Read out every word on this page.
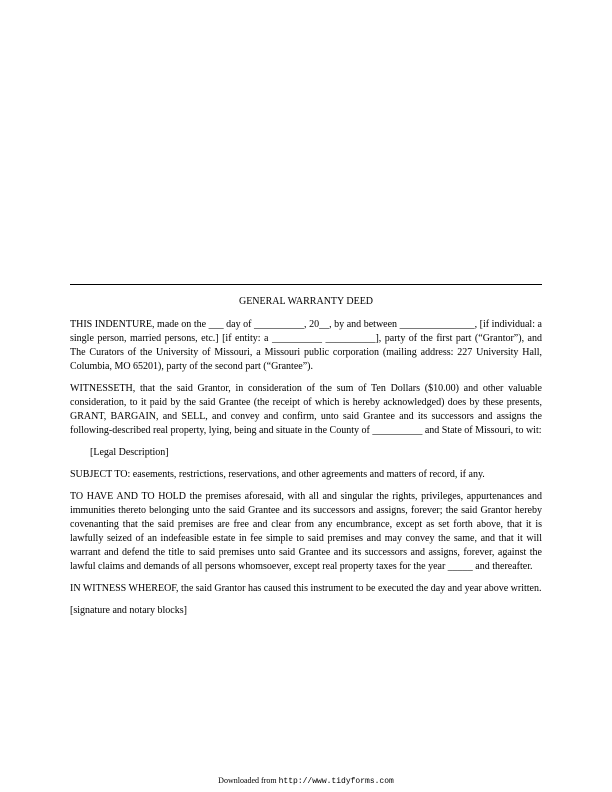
GENERAL WARRANTY DEED

THIS INDENTURE, made on the ___ day of __________, 20__, by and between _______________, [if individual: a single person, married persons, etc.] [if entity: a __________ __________], party of the first part (“Grantor”), and The Curators of the University of Missouri, a Missouri public corporation (mailing address: 227 University Hall, Columbia, MO 65201), party of the second part (“Grantee”).

WITNESSETH, that the said Grantor, in consideration of the sum of Ten Dollars ($10.00) and other valuable consideration, to it paid by the said Grantee (the receipt of which is hereby acknowledged) does by these presents, GRANT, BARGAIN, and SELL, and convey and confirm, unto said Grantee and its successors and assigns the following-described real property, lying, being and situate in the County of __________ and State of Missouri, to wit:

[Legal Description]

SUBJECT TO: easements, restrictions, reservations, and other agreements and matters of record, if any.

TO HAVE AND TO HOLD the premises aforesaid, with all and singular the rights, privileges, appurtenances and immunities thereto belonging unto the said Grantee and its successors and assigns, forever; the said Grantor hereby covenanting that the said premises are free and clear from any encumbrance, except as set forth above, that it is lawfully seized of an indefeasible estate in fee simple to said premises and may convey the same, and that it will warrant and defend the title to said premises unto said Grantee and its successors and assigns, forever, against the lawful claims and demands of all persons whomsoever, except real property taxes for the year _____ and thereafter.

IN WITNESS WHEREOF, the said Grantor has caused this instrument to be executed the day and year above written.

[signature and notary blocks]

Downloaded from http://www.tidyforms.com
